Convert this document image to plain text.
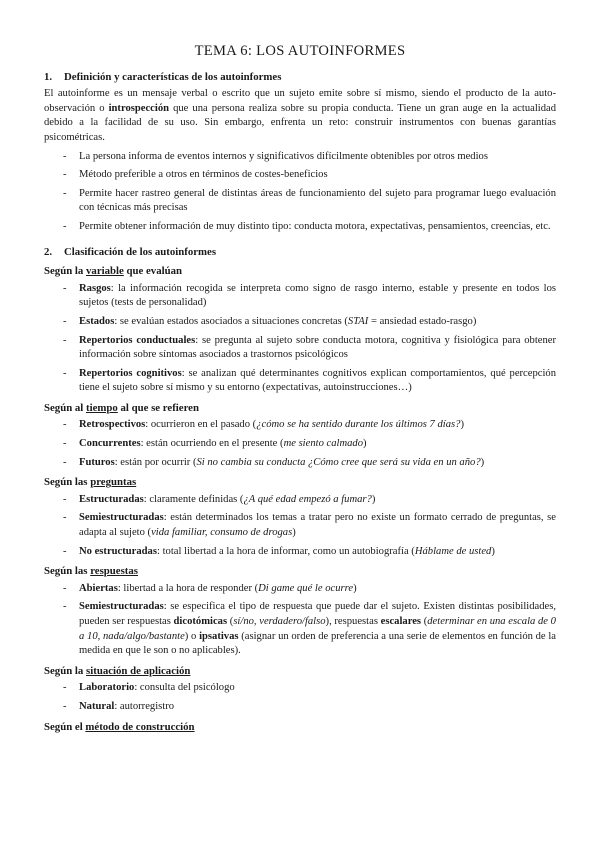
TEMA 6: LOS AUTOINFORMES
1. Definición y características de los autoinformes

El autoinforme es un mensaje verbal o escrito que un sujeto emite sobre sí mismo, siendo el producto de la auto-observación o introspección que una persona realiza sobre su propia conducta. Tiene un gran auge en la actualidad debido a la facilidad de su uso. Sin embargo, enfrenta un reto: construir instrumentos con buenas garantías psicométricas.

- La persona informa de eventos internos y significativos difícilmente obtenibles por otros medios
- Método preferible a otros en términos de costes-beneficios
- Permite hacer rastreo general de distintas áreas de funcionamiento del sujeto para programar luego evaluación con técnicas más precisas
- Permite obtener información de muy distinto tipo: conducta motora, expectativas, pensamientos, creencias, etc.
2. Clasificación de los autoinformes
Según la variable que evalúan
- Rasgos: la información recogida se interpreta como signo de rasgo interno, estable y presente en todos los sujetos (tests de personalidad)
- Estados: se evalúan estados asociados a situaciones concretas (STAI = ansiedad estado-rasgo)
- Repertorios conductuales: se pregunta al sujeto sobre conducta motora, cognitiva y fisiológica para obtener información sobre síntomas asociados a trastornos psicológicos
- Repertorios cognitivos: se analizan qué determinantes cognitivos explican comportamientos, qué percepción tiene el sujeto sobre sí mismo y su entorno (expectativas, autoinstrucciones…)
Según al tiempo al que se refieren
- Retrospectivos: ocurrieron en el pasado (¿cómo se ha sentido durante los últimos 7 días?)
- Concurrentes: están ocurriendo en el presente (me siento calmado)
- Futuros: están por ocurrir (Si no cambia su conducta ¿Cómo cree que será su vida en un año?)
Según las preguntas
- Estructuradas: claramente definidas (¿A qué edad empezó a fumar?)
- Semiestructuradas: están determinados los temas a tratar pero no existe un formato cerrado de preguntas, se adapta al sujeto (vida familiar, consumo de drogas)
- No estructuradas: total libertad a la hora de informar, como un autobiografía (Háblame de usted)
Según las respuestas
- Abiertas: libertad a la hora de responder (Di game qué le ocurre)
- Semiestructuradas: se especifica el tipo de respuesta que puede dar el sujeto. Existen distintas posibilidades, pueden ser respuestas dicotómicas (sí/no, verdadero/falso), respuestas escalares (determinar en una escala de 0 a 10, nada/algo/bastante) o ipsativas (asignar un orden de preferencia a una serie de elementos en función de la medida en que le son o no aplicables).
Según la situación de aplicación
- Laboratorio: consulta del psicólogo
- Natural: autorregistro
Según el método de construcción
